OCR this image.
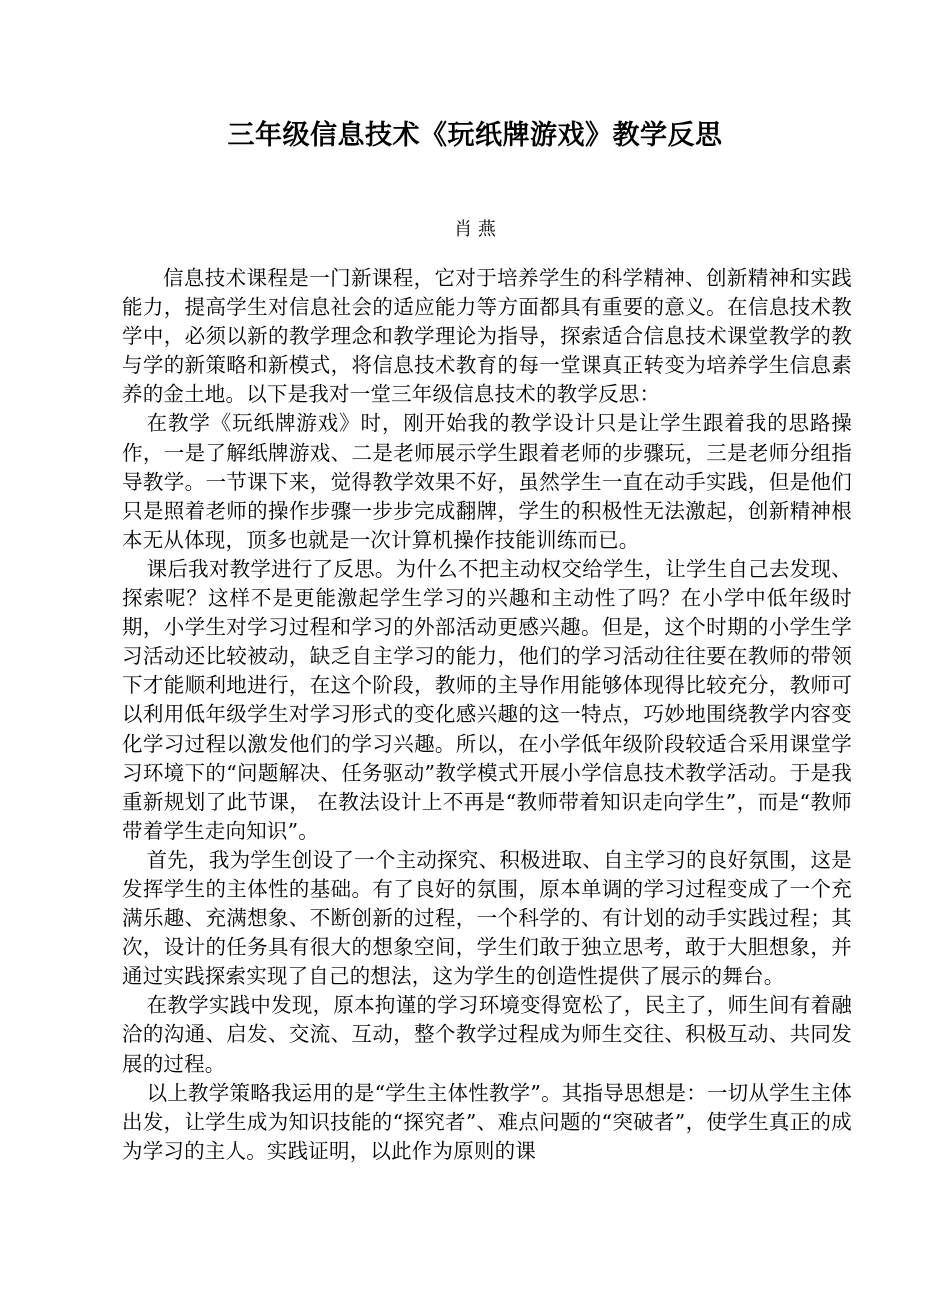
三年级信息技术《玩纸牌游戏》教学反思
肖 燕

信息技术课程是一门新课程，它对于培养学生的科学精神、创新精神和实践能力，提高学生对信息社会的适应能力等方面都具有重要的意义。在信息技术教学中，必须以新的教学理念和教学理论为指导，探索适合信息技术课堂教学的教与学的新策略和新模式，将信息技术教育的每一堂课真正转变为培养学生信息素养的金土地。以下是我对一堂三年级信息技术的教学反思：

在教学《玩纸牌游戏》时，刚开始我的教学设计只是让学生跟着我的思路操作，一是了解纸牌游戏、二是老师展示学生跟着老师的步骤玩，三是老师分组指导教学。一节课下来，觉得教学效果不好，虽然学生一直在动手实践，但是他们只是照着老师的操作步骤一步步完成翻牌，学生的积极性无法激起，创新精神根本无从体现，顶多也就是一次计算机操作技能训练而已。

课后我对教学进行了反思。为什么不把主动权交给学生，让学生自己去发现、探索呢？这样不是更能激起学生学习的兴趣和主动性了吗？在小学中低年级时期，小学生对学习过程和学习的外部活动更感兴趣。但是，这个时期的小学生学习活动还比较被动，缺乏自主学习的能力，他们的学习活动往往要在教师的带领下才能顺利地进行，在这个阶段，教师的主导作用能够体现得比较充分，教师可以利用低年级学生对学习形式的变化感兴趣的这一特点，巧妙地围绕教学内容变化学习过程以激发他们的学习兴趣。所以，在小学低年级阶段较适合采用课堂学习环境下的“问题解决、任务驱动”教学模式开展小学信息技术教学活动。于是我重新规划了此节课， 在教法设计上不再是“教师带着知识走向学生”，而是“教师带着学生走向知识”。

首先，我为学生创设了一个主动探究、积极进取、自主学习的良好氛围，这是发挥学生的主体性的基础。有了良好的氛围，原本单调的学习过程变成了一个充满乐趣、充满想象、不断创新的过程，一个科学的、有计划的动手实践过程；其次，设计的任务具有很大的想象空间，学生们敢于独立思考，敢于大胆想象，并通过实践探索实现了自己的想法，这为学生的创造性提供了展示的舞台。

在教学实践中发现，原本拘谨的学习环境变得宽松了，民主了，师生间有着融洽的沟通、启发、交流、互动，整个教学过程成为师生交往、积极互动、共同发展的过程。

以上教学策略我运用的是“学生主体性教学”。其指导思想是：一切从学生主体出发，让学生成为知识技能的“探究者”、难点问题的“突破者”，使学生真正的成为学习的主人。实践证明，以此作为原则的课
